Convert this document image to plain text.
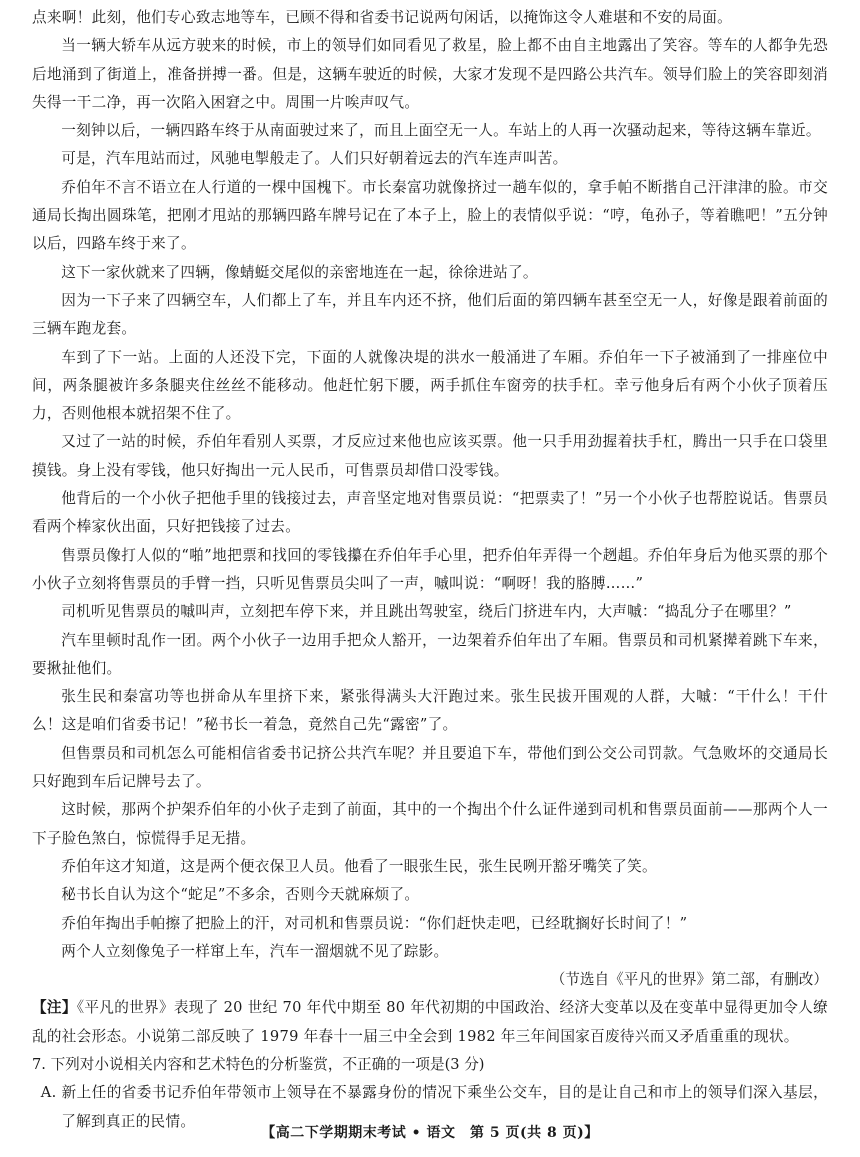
点来啊！此刻，他们专心致志地等车，已顾不得和省委书记说两句闲话，以掩饰这令人难堪和不安的局面。

当一辆大轿车从远方驶来的时候，市上的领导们如同看见了救星，脸上都不由自主地露出了笑容。等车的人都争先恐后地涌到了街道上，准备拼搏一番。但是，这辆车驶近的时候，大家才发现不是四路公共汽车。领导们脸上的笑容即刻消失得一干二净，再一次陷入困窘之中。周围一片唉声叹气。

一刻钟以后，一辆四路车终于从南面驶过来了，而且上面空无一人。车站上的人再一次骚动起来，等待这辆车靠近。

可是，汽车甩站而过，风驰电掣般走了。人们只好朝着远去的汽车连声叫苦。

乔伯年不言不语立在人行道的一棵中国槐下。市长秦富功就像挤过一趟车似的，拿手帕不断揩自己汗津津的脸。市交通局长掏出圆珠笔，把刚才甩站的那辆四路车牌号记在了本子上，脸上的表情似乎说：“哼，龟孙子，等着瞧吧！”五分钟以后，四路车终于来了。

这下一家伙就来了四辆，像蜻蜓交尾似的亲密地连在一起，徐徐进站了。

因为一下子来了四辆空车，人们都上了车，并且车内还不挤，他们后面的第四辆车甚至空无一人，好像是跟着前面的三辆车跑龙套。

车到了下一站。上面的人还没下完，下面的人就像决堤的洪水一般涌进了车厢。乔伯年一下子被涌到了一排座位中间，两条腿被许多条腿夹住丝丝不能移动。他赶忙躬下腰，两手抓住车窗旁的扶手杠。幸亏他身后有两个小伙子顶着压力，否则他根本就招架不住了。

又过了一站的时候，乔伯年看别人买票，才反应过来他也应该买票。他一只手用劲握着扶手杠，腾出一只手在口袋里摸钱。身上没有零钱，他只好掏出一元人民币，可售票员却借口没零钱。

他背后的一个小伙子把他手里的钱接过去，声音坚定地对售票员说：“把票卖了！”另一个小伙子也帮腔说话。售票员看两个棒家伙出面，只好把钱接了过去。

售票员像打人似的“啪”地把票和找回的零钱攥在乔伯年手心里，把乔伯年弄得一个趔趄。乔伯年身后为他买票的那个小伙子立刻将售票员的手臂一挡，只听见售票员尖叫了一声，嘁叫说：“啊呀！我的胳膊……”

司机听见售票员的嘁叫声，立刻把车停下来，并且跳出驾驶室，绕后门挤进车内，大声嘁：“捣乱分子在哪里？”

汽车里顿时乱作一团。两个小伙子一边用手把众人豁开，一边架着乔伯年出了车厢。售票员和司机紧撵着跳下车来，要揪扯他们。

张生民和秦富功等也拼命从车里挤下来，紧张得满头大汗跑过来。张生民拔开围观的人群，大嘁：“干什么！干什么！这是咱们省委书记！”秘书长一着急，竟然自己先“露密”了。

但售票员和司机怎么可能相信省委书记挤公共汽车呢？并且要追下车，带他们到公交公司罚款。气急败坏的交通局长只好跑到车后记牌号去了。

这时候，那两个护架乔伯年的小伙子走到了前面，其中的一个掏出个什么证件递到司机和售票员面前——那两个人一下子脸色煞白，惊慌得手足无措。

乔伯年这才知道，这是两个便衣保卫人员。他看了一眼张生民，张生民咧开豁牙嘴笑了笑。

秘书长自认为这个“蛇足”不多余，否则今天就麻烦了。

乔伯年掏出手帕擦了把脸上的汗，对司机和售票员说：“你们赶快走吧，已经耽搁好长时间了！”

两个人立刻像兔子一样窜上车，汽车一溜烟就不见了踪影。

（节选自《平凡的世界》第二部，有删改）

【注】《平凡的世界》表现了 20 世纪 70 年代中期至 80 年代初期的中国政治、经济大变革以及在变革中显得更加令人缭乱的社会形态。小说第二部反映了 1979 年春十一届三中全会到 1982 年三年间国家百废待兴而又矛盾重重的现状。

7. 下列对小说相关内容和艺术特色的分析鉴赏，不正确的一项是(3 分)

A. 新上任的省委书记乔伯年带领市上领导在不暴露身份的情况下乘坐公交车，目的是让自己和市上的领导们深入基层，了解到真正的民情。

【高二下学期期末考试 • 语文　第 5 页(共 8 页)】
